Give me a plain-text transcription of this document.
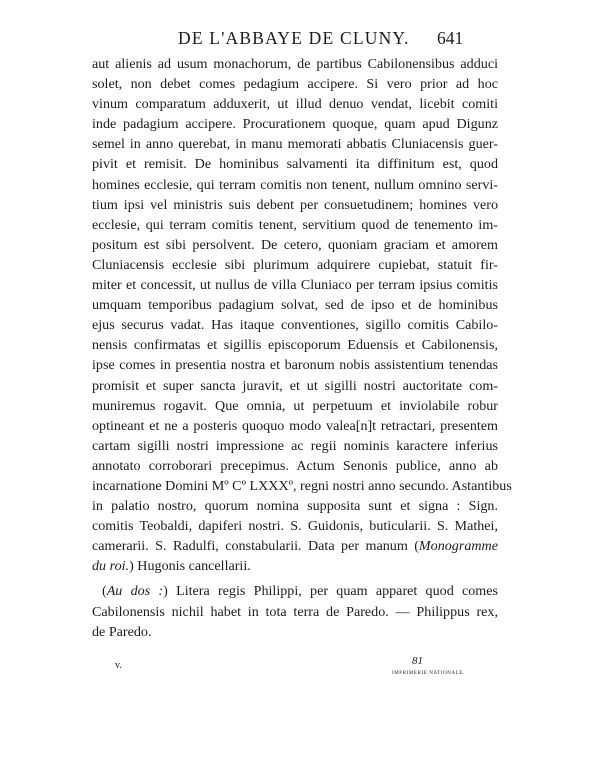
DE L'ABBAYE DE CLUNY. 641
aut alienis ad usum monachorum, de partibus Cabilonensibus adduci
solet, non debet comes pedagium accipere. Si vero prior ad hoc
vinum comparatum adduxerit, ut illud denuo vendat, licebit comiti
inde padagium accipere. Procurationem quoque, quam apud Digunz
semel in anno querebat, in manu memorati abbatis Cluniacensis guer-
pivit et remisit. De hominibus salvamenti ita diffinitum est, quod
homines ecclesie, qui terram comitis non tenent, nullum omnino servi-
tium ipsi vel ministris suis debent per consuetudinem; homines vero
ecclesie, qui terram comitis tenent, servitium quod de tenemento im-
positum est sibi persolvent. De cetero, quoniam graciam et amorem
Cluniacensis ecclesie sibi plurimum adquirere cupiebat, statuit fir-
miter et concessit, ut nullus de villa Cluniaco per terram ipsius comitis
umquam temporibus padagium solvat, sed de ipso et de hominibus
ejus securus vadat. Has itaque conventiones, sigillo comitis Cabilo-
nensis confirmatas et sigillis episcoporum Eduensis et Cabilonensis,
ipse comes in presentia nostra et baronum nobis assistentium tenendas
promisit et super sancta juravit, et ut sigilli nostri auctoritate com-
muniremus rogavit. Que omnia, ut perpetuum et inviolabile robur
optineant et ne a posteris quoquo modo valea[n]t retractari, presentem
cartam sigilli nostri impressione ac regii nominis karactere inferius
annotato corroborari precepimus. Actum Senonis publice, anno ab
incarnatione Domini Mº Cº LXXXº, regni nostri anno secundo. Astantibus
in palatio nostro, quorum nomina supposita sunt et signa : Sign.
comitis Teobaldi, dapiferi nostri. S. Guidonis, buticularii. S. Mathei,
camerarii. S. Radulfi, constabularii. Data per manum (Monogramme
du roi.) Hugonis cancellarii.
(Au dos :) Litera regis Philippi, per quam apparet quod comes
Cabilonensis nichil habet in tota terra de Paredo. — Philippus rex,
de Paredo.
v.	81
IMPRIMERIE NATIONALE.
